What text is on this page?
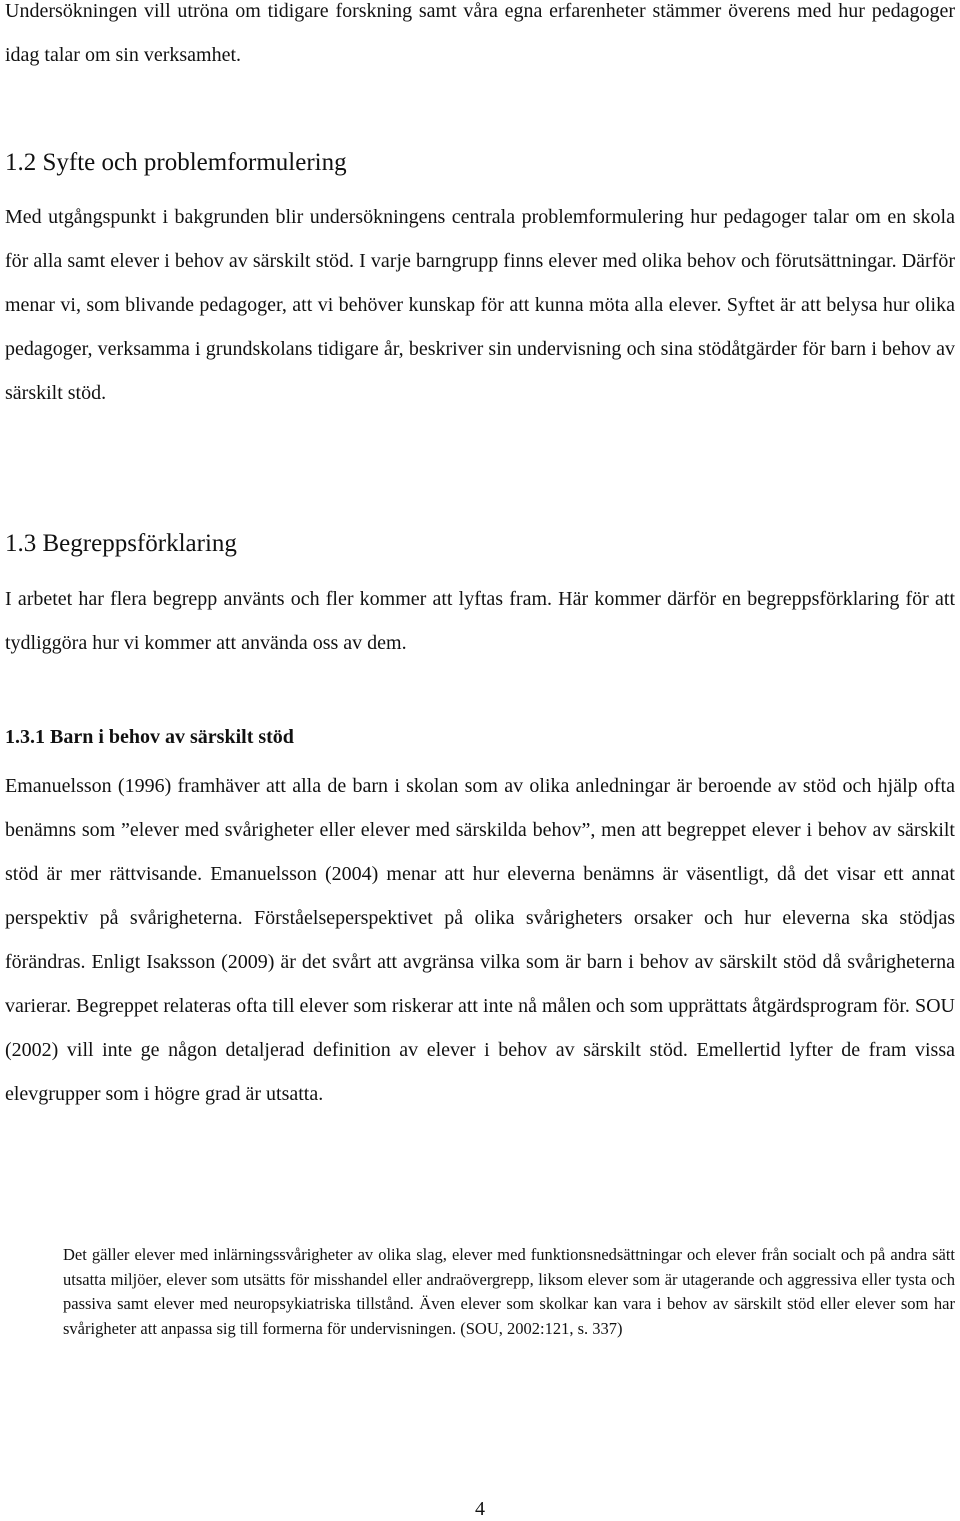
Undersökningen vill utröna om tidigare forskning samt våra egna erfarenheter stämmer överens med hur pedagoger idag talar om sin verksamhet.

1.2 Syfte och problemformulering

Med utgångspunkt i bakgrunden blir undersökningens centrala problemformulering hur pedagoger talar om en skola för alla samt elever i behov av särskilt stöd. I varje barngrupp finns elever med olika behov och förutsättningar. Därför menar vi, som blivande pedagoger, att vi behöver kunskap för att kunna möta alla elever. Syftet är att belysa hur olika pedagoger, verksamma i grundskolans tidigare år, beskriver sin undervisning och sina stödåtgärder för barn i behov av särskilt stöd.

1.3 Begreppsförklaring

I arbetet har flera begrepp använts och fler kommer att lyftas fram. Här kommer därför en begreppsförklaring för att tydliggöra hur vi kommer att använda oss av dem.

1.3.1 Barn i behov av särskilt stöd

Emanuelsson (1996) framhäver att alla de barn i skolan som av olika anledningar är beroende av stöd och hjälp ofta benämns som ”elever med svårigheter eller elever med särskilda behov”, men att begreppet elever i behov av särskilt stöd är mer rättvisande. Emanuelsson (2004) menar att hur eleverna benämns är väsentligt, då det visar ett annat perspektiv på svårigheterna. Förståelseperspektivet på olika svårigheters orsaker och hur eleverna ska stödjas förändras. Enligt Isaksson (2009) är det svårt att avgränsa vilka som är barn i behov av särskilt stöd då svårigheterna varierar. Begreppet relateras ofta till elever som riskerar att inte nå målen och som upprättats åtgärdsprogram för. SOU (2002) vill inte ge någon detaljerad definition av elever i behov av särskilt stöd. Emellertid lyfter de fram vissa elevgrupper som i högre grad är utsatta.

Det gäller elever med inlärningssvårigheter av olika slag, elever med funktionsnedsättningar och elever från socialt och på andra sätt utsatta miljöer, elever som utsätts för misshandel eller andraövergrepp, liksom elever som är utagerande och aggressiva eller tysta och passiva samt elever med neuropsykiatriska tillstånd. Även elever som skolkar kan vara i behov av särskilt stöd eller elever som har svårigheter att anpassa sig till formerna för undervisningen. (SOU, 2002:121, s. 337)
4
